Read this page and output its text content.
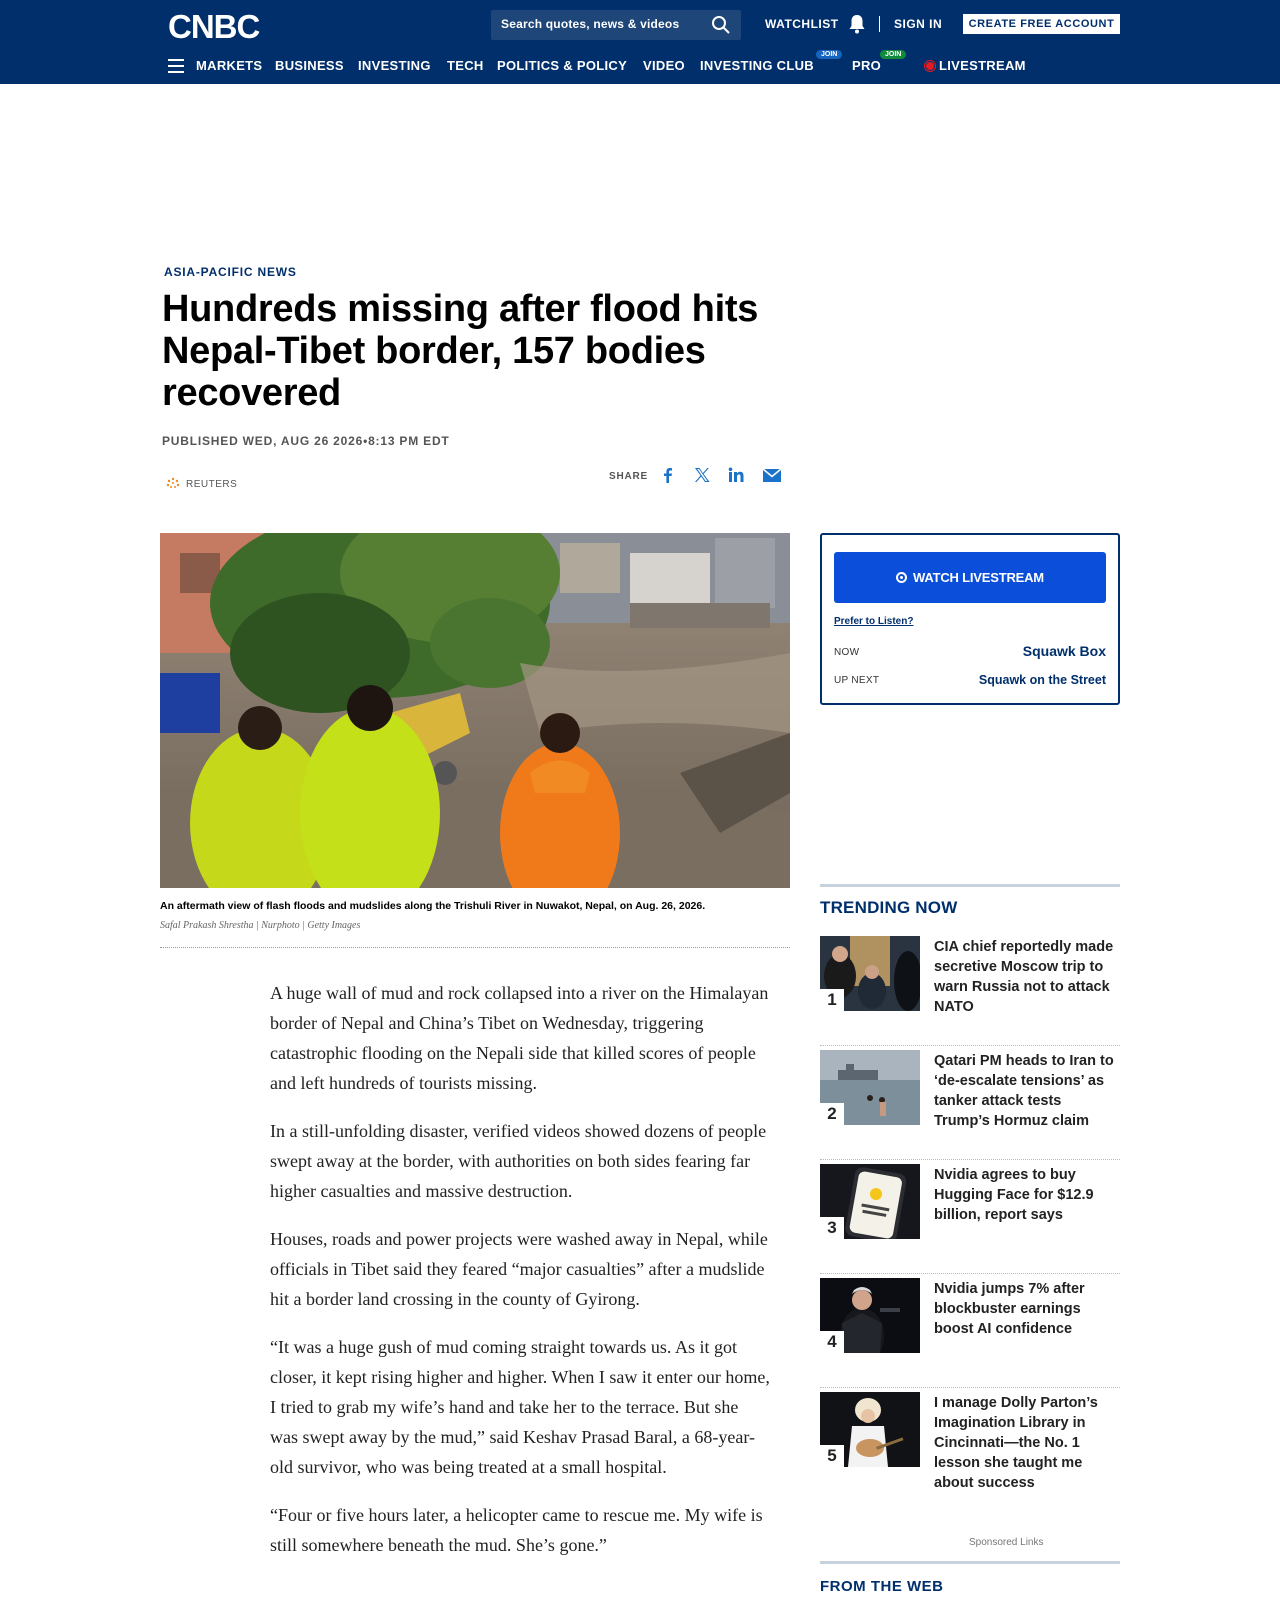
CNBC	Search quotes, news & videos	WATCHLIST	SIGN IN	CREATE FREE ACCOUNT
MARKETS BUSINESS INVESTING TECH POLITICS & POLICY VIDEO INVESTING CLUB
JOIN
PRO
JOIN
LIVESTREAM
ASIA-PACIFIC NEWS
Hundreds missing after flood hits Nepal-Tibet border, 157 bodies recovered
PUBLISHED WED, AUG 26 2026•8:13 PM EDT
REUTERS
SHARE
An aftermath view of flash floods and mudslides along the Trishuli River in Nuwakot, Nepal, on Aug. 26, 2026.
Safal Prakash Shrestha | Nurphoto | Getty Images

A huge wall of mud and rock collapsed into a river on the Himalayan border of Nepal and China’s Tibet on Wednesday, triggering catastrophic flooding on the Nepali side that killed scores of people and left hundreds of tourists missing.

In a still-unfolding disaster, verified videos showed dozens of people swept away at the border, with authorities on both sides fearing far higher casualties and massive destruction.

Houses, roads and power projects were washed away in Nepal, while officials in Tibet said they feared “major casualties” after a mudslide hit a border land crossing in the county of Gyirong.

“It was a huge gush of mud coming straight towards us. As it got closer, it kept rising higher and higher. When I saw it enter our home, I tried to grab my wife’s hand and take her to the terrace. But she was swept away by the mud,” said Keshav Prasad Baral, a 68-year-old survivor, who was being treated at a small hospital.

“Four or five hours later, a helicopter came to rescue me. My wife is still somewhere beneath the mud. She’s gone.”

WATCH LIVESTREAM
Prefer to Listen?
NOW	Squawk Box
UP NEXT	Squawk on the Street
TRENDING NOW
1
CIA chief reportedly made secretive Moscow trip to warn Russia not to attack NATO
2
Qatari PM heads to Iran to ‘de-escalate tensions’ as tanker attack tests Trump’s Hormuz claim
3
Nvidia agrees to buy Hugging Face for $12.9 billion, report says
4
Nvidia jumps 7% after blockbuster earnings boost AI confidence
5
I manage Dolly Parton’s Imagination Library in Cincinnati—the No. 1 lesson she taught me about success
Sponsored Links
FROM THE WEB
